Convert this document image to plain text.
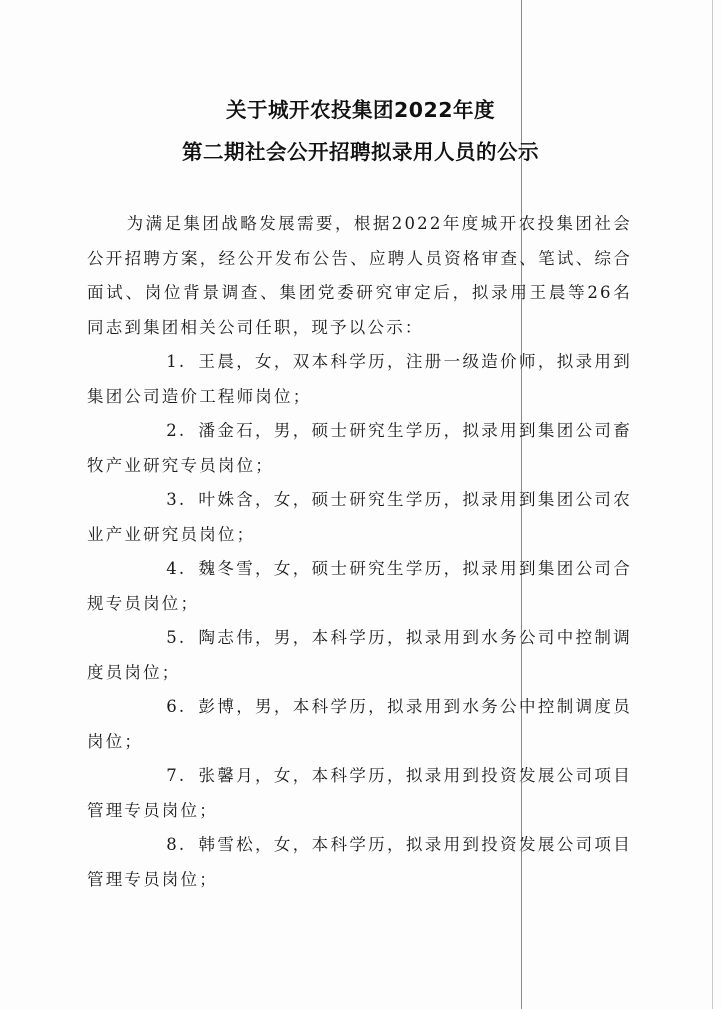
关于城开农投集团2022年度
第二期社会公开招聘拟录用人员的公示

为满足集团战略发展需要，根据2022年度城开农投集团社会公开招聘方案，经公开发布公告、应聘人员资格审查、笔试、综合面试、岗位背景调查、集团党委研究审定后，拟录用王晨等26名同志到集团相关公司任职，现予以公示：

1. 王晨，女，双本科学历，注册一级造价师，拟录用到集团公司造价工程师岗位；

2. 潘金石，男，硕士研究生学历，拟录用到集团公司畜牧产业研究专员岗位；

3. 叶姝含，女，硕士研究生学历，拟录用到集团公司农业产业研究员岗位；

4. 魏冬雪，女，硕士研究生学历，拟录用到集团公司合规专员岗位；

5. 陶志伟，男，本科学历，拟录用到水务公司中控制调度员岗位；

6. 彭博，男，本科学历，拟录用到水务公中控制调度员岗位；

7. 张馨月，女，本科学历，拟录用到投资发展公司项目管理专员岗位；

8. 韩雪松，女，本科学历，拟录用到投资发展公司项目管理专员岗位；
